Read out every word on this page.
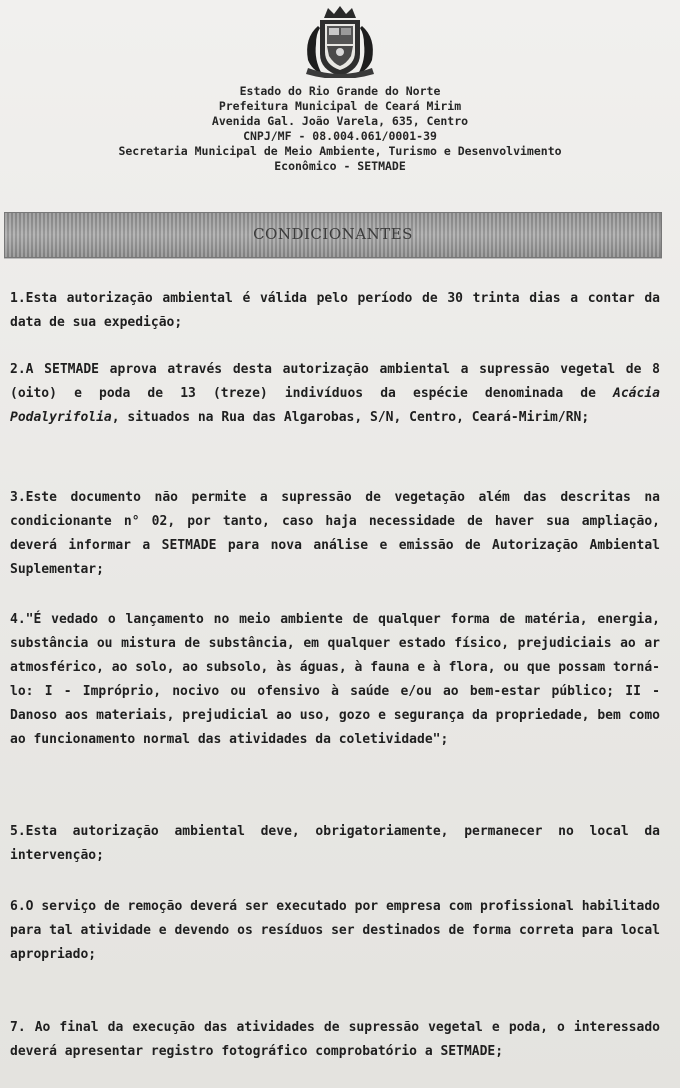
Estado do Rio Grande do Norte
Prefeitura Municipal de Ceará Mirim
Avenida Gal. João Varela, 635, Centro
CNPJ/MF - 08.004.061/0001-39
Secretaria Municipal de Meio Ambiente, Turismo e Desenvolvimento
Econômico - SETMADE
CONDICIONANTES

1.Esta autorização ambiental é válida pelo período de 30 trinta dias a contar da data de sua expedição;

2.A SETMADE aprova através desta autorização ambiental a supressão vegetal de 8 (oito) e poda de 13 (treze) indivíduos da espécie denominada de Acácia Podalyrifolia, situados na Rua das Algarobas, S/N, Centro, Ceará-Mirim/RN;

3.Este documento não permite a supressão de vegetação além das descritas na condicionante n° 02, por tanto, caso haja necessidade de haver sua ampliação, deverá informar a SETMADE para nova análise e emissão de Autorização Ambiental Suplementar;

4."É vedado o lançamento no meio ambiente de qualquer forma de matéria, energia, substância ou mistura de substância, em qualquer estado físico, prejudiciais ao ar atmosférico, ao solo, ao subsolo, às águas, à fauna e à flora, ou que possam torná-lo: I - Impróprio, nocivo ou ofensivo à saúde e/ou ao bem-estar público; II - Danoso aos materiais, prejudicial ao uso, gozo e segurança da propriedade, bem como ao funcionamento normal das atividades da coletividade";

5.Esta autorização ambiental deve, obrigatoriamente, permanecer no local da intervenção;

6.O serviço de remoção deverá ser executado por empresa com profissional habilitado para tal atividade e devendo os resíduos ser destinados de forma correta para local apropriado;

7. Ao final da execução das atividades de supressão vegetal e poda, o interessado deverá apresentar registro fotográfico comprobatório a SETMADE;
